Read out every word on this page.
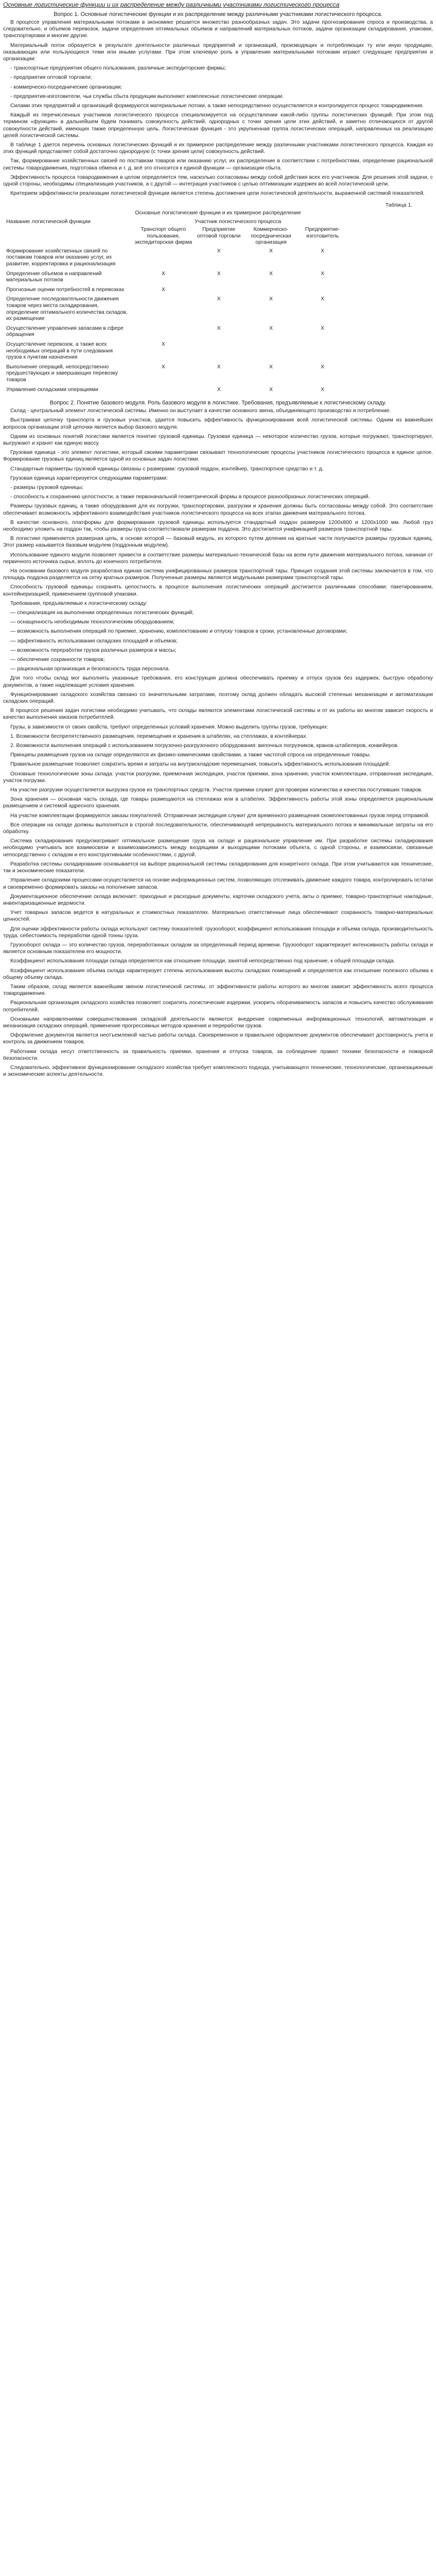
Основные логистические функции и их распределение между различными участниками логистического процесса
Вопрос 1. Основные логистические функции и их распределение между различными участниками логистического процесса.
В процессе управления материальными потоками в экономике решается множество разнообразных задач. Это задачи прогнозирования спроса и производства, а следовательно, и объемов перевозок, задачи определения оптимальных объемов и направлений материальных потоков, задачи организации складирования, упаковки, транспортировки и многие другие.
Материальный поток образуется в результате деятельности различных предприятий и организаций, производящих и потребляющих ту или иную продукцию, оказывающих или пользующихся теми или иными услугами. При этом ключевую роль в управлении материальными потоками играют следующие предприятия и организации:
- транспортные предприятия общего пользования, различные экспедиторские фирмы;
- предприятия оптовой торговли;
- коммерческо-посреднические организации;
- предприятия-изготовители, чьи службы сбыта продукции выполняют комплексные логистические операции.
Силами этих предприятий и организаций формируются материальные потоки, а также непосредственно осуществляется и контролируется процесс товародвижения.
Каждый из перечисленных участников логистического процесса специализируется на осуществлении какой-либо группы логистических функций. При этом под термином «функция» в дальнейшем будем понимать совокупность действий, однородных с точки зрения цели этих действий, и заметно отличающихся от другой совокупности действий, имеющих также определенную цель. Логистическая функция - это укрупненная группа логистических операций, направленных на реализацию целей логистической системы.
В таблице 1 дается перечень основных логистических функций и их примерное распределение между различными участниками логистического процесса. Каждая из этих функций представляет собой достаточно однородную (с точки зрения цели) совокупность действий.
Так, формирование хозяйственных связей по поставкам товаров или оказанию услуг, их распределение в соответствии с потребностями, определение рациональной системы товародвижения, подготовка обмена и т. д. всё это относится к единой функции — организации сбыта.
Эффективность процесса товародвижения в целом определяется тем, насколько согласованы между собой действия всех его участников. Для решения этой задачи, с одной стороны, необходимы специализация участников, а с другой — интеграция участников с целью оптимизации издержек во всей логистической цепи.
Критерием эффективности реализации логистической функции является степень достижения цели логистической деятельности, выраженной системой показателей.
Таблица 1.
Основные логистические функции и их примерное распределение
Название логистической функции	Участник логистического процесса			
	Транспорт общего пользования, экспедиторская фирма	Предприятие оптовой торговли	Коммерческо-посредническая организация	Предприятие-изготовитель
Формирование хозяйственных связей по поставкам товаров или оказанию услуг, их развитие, корректировка и рационализация		X	X	X
Определение объемов и направлений материальных потоков	X	X	X	X
Прогнозные оценки потребностей в перевозках	X			
Определение последовательности движения товаров через места складирования, определение оптимального количества складов, их размещение		X	X	X
Осуществление управления запасами в сфере обращения		X	X	X
Осуществление перевозок, а также всех необходимых операций в пути следования грузов к пунктам назначения	X			
Выполнение операций, непосредственно предшествующих и завершающих перевозку товаров	X	X	X	X
Управление складскими операциями		X	X	X
Вопрос 2. Понятие базового модуля. Роль базового модуля в логистике. Требования, предъявляемые к логистическому складу.
Склад - центральный элемент логистической системы. Именно он выступает в качестве основного звена, объединяющего производство и потребление.
Выстраивая цепочку транспорта и грузовых участков, удается повысить эффективность функционирования всей логистической системы. Одним из важнейших вопросов организации этой цепочки является выбор базового модуля.
Одним из основных понятий логистики является понятие грузовой единицы. Грузовая единица — некоторое количество грузов, которые погружают, транспортируют, выгружают и хранят как единую массу.
Грузовая единица - это элемент логистики, который своими параметрами связывает технологические процессы участников логистического процесса в единое целое. Формирование грузовых единиц является одной из основных задач логистики.
Стандартные параметры грузовой единицы связаны с размерами: грузовой поддон, контейнер, транспортное средство и т. д.
Грузовая единица характеризуется следующими параметрами:
- размеры грузовой единицы;
- способность к сохранению целостности, а также первоначальной геометрической формы в процессе разнообразных логистических операций.
Размеры грузовых единиц, а также оборудования для их погрузки, транспортировки, разгрузки и хранения должны быть согласованы между собой. Это соответствие обеспечивает возможность эффективного взаимодействия участников логистического процесса на всех этапах движения материального потока.
В качестве основного, платформы для формирования грузовой единицы используется стандартный поддон размером 1200x800 и 1200x1000 мм. Любой груз необходимо уложить на поддон так, чтобы размеры груза соответствовали размерам поддона. Это достигается унификацией размеров транспортной тары.
В логистике применяется размерная цепь, в основе которой — базовый модуль, из которого путем деления на кратные части получаются размеры грузовых единиц. Этот размер называется базовым модулем (поддонным модулем).
Использование единого модуля позволяет привести в соответствие размеры материально-технической базы на всем пути движения материального потока, начиная от первичного источника сырья, вплоть до конечного потребителя.
На основании базового модуля разработана единая система унифицированных размеров транспортной тары. Принцип создания этой системы заключается в том, что площадь поддона разделяется на сетку кратных размеров. Полученные размеры являются модульными размерами транспортной тары.
Способность грузовой единицы сохранять целостность в процессе выполнения логистических операций достигается различными способами: пакетированием, контейнеризацией, применением групповой упаковки.
Требования, предъявляемые к логистическому складу:
— специализация на выполнении определенных логистических функций;
— оснащенность необходимым технологическим оборудованием;
— возможность выполнения операций по приемке, хранению, комплектованию и отпуску товаров в сроки, установленные договорами;
— эффективность использования складских площадей и объемов;
— возможность переработки грузов различных размеров и массы;
— обеспечение сохранности товаров;
— рациональная организация и безопасность труда персонала.
Для того чтобы склад мог выполнять указанные требования, его конструкция должна обеспечивать приемку и отпуск грузов без задержек, быструю обработку документов, а также надлежащие условия хранения.
Функционирование складского хозяйства связано со значительными затратами, поэтому склад должен обладать высокой степенью механизации и автоматизации складских операций.
В процессе решения задач логистики необходимо учитывать, что склады являются элементами логистической системы и от их работы во многом зависит скорость и качество выполнения заказов потребителей.
Грузы, в зависимости от своих свойств, требуют определенных условий хранения. Можно выделить группы грузов, требующих:
1. Возможности беспрепятственного размещения, перемещения и хранения в штабелях, на стеллажах, в контейнерах.
2. Возможности выполнения операций с использованием погрузочно-разгрузочного оборудования: вилочных погрузчиков, кранов-штабелеров, конвейеров.
Принципы размещения грузов на складе определяются их физико-химическими свойствами, а также частотой спроса на определенные товары.
Правильное размещение позволяет сократить время и затраты на внутрискладские перемещения, повысить эффективность использования площадей.
Основные технологические зоны склада: участок разгрузки, приемочная экспедиция, участок приемки, зона хранения, участок комплектации, отправочная экспедиция, участок погрузки.
На участке разгрузки осуществляется выгрузка грузов из транспортных средств. Участок приемки служит для проверки количества и качества поступивших товаров.
Зона хранения — основная часть склада, где товары размещаются на стеллажах или в штабелях. Эффективность работы этой зоны определяется рациональным размещением и системой адресного хранения.
На участке комплектации формируются заказы покупателей. Отправочная экспедиция служит для временного размещения скомплектованных грузов перед отправкой.
Все операции на складе должны выполняться в строгой последовательности, обеспечивающей непрерывность материального потока и минимальные затраты на его обработку.
Система складирования предусматривает оптимальное размещение груза на складе и рациональное управление им. При разработке системы складирования необходимо учитывать все взаимосвязи и взаимозависимость между входящими и выходящими потоками объекта, с одной стороны, и взаимосвязи, связанные непосредственно с складом и его конструктивными особенностями, с другой.
Разработка системы складирования основывается на выборе рациональной системы складирования для конкретного склада. При этом учитываются как технические, так и экономические показатели.
Управление складскими процессами осуществляется на основе информационных систем, позволяющих отслеживать движение каждого товара, контролировать остатки и своевременно формировать заказы на пополнение запасов.
Документационное обеспечение склада включает: приходные и расходные документы, карточки складского учета, акты о приемке, товарно-транспортные накладные, инвентаризационные ведомости.
Учет товарных запасов ведется в натуральных и стоимостных показателях. Материально ответственные лица обеспечивают сохранность товарно-материальных ценностей.
Для оценки эффективности работы склада используют систему показателей: грузооборот, коэффициент использования площади и объема склада, производительность труда, себестоимость переработки одной тонны груза.
Грузооборот склада — это количество грузов, переработанных складом за определенный период времени. Грузооборот характеризует интенсивность работы склада и является основным показателем его мощности.
Коэффициент использования площади склада определяется как отношение площади, занятой непосредственно под хранение, к общей площади склада.
Коэффициент использования объема склада характеризует степень использования высоты складских помещений и определяется как отношение полезного объема к общему объему склада.
Таким образом, склад является важнейшим звеном логистической системы, от эффективности работы которого во многом зависит эффективность всего процесса товародвижения.
Рациональная организация складского хозяйства позволяет сократить логистические издержки, ускорить оборачиваемость запасов и повысить качество обслуживания потребителей.
Основными направлениями совершенствования складской деятельности являются: внедрение современных информационных технологий, автоматизация и механизация складских операций, применение прогрессивных методов хранения и переработки грузов.
Оформление документов является неотъемлемой частью работы склада. Своевременное и правильное оформление документов обеспечивает достоверность учета и контроль за движением товаров.
Работники склада несут ответственность за правильность приемки, хранения и отпуска товаров, за соблюдение правил техники безопасности и пожарной безопасности.
Следовательно, эффективное функционирование складского хозяйства требует комплексного подхода, учитывающего технические, технологические, организационные и экономические аспекты деятельности.
